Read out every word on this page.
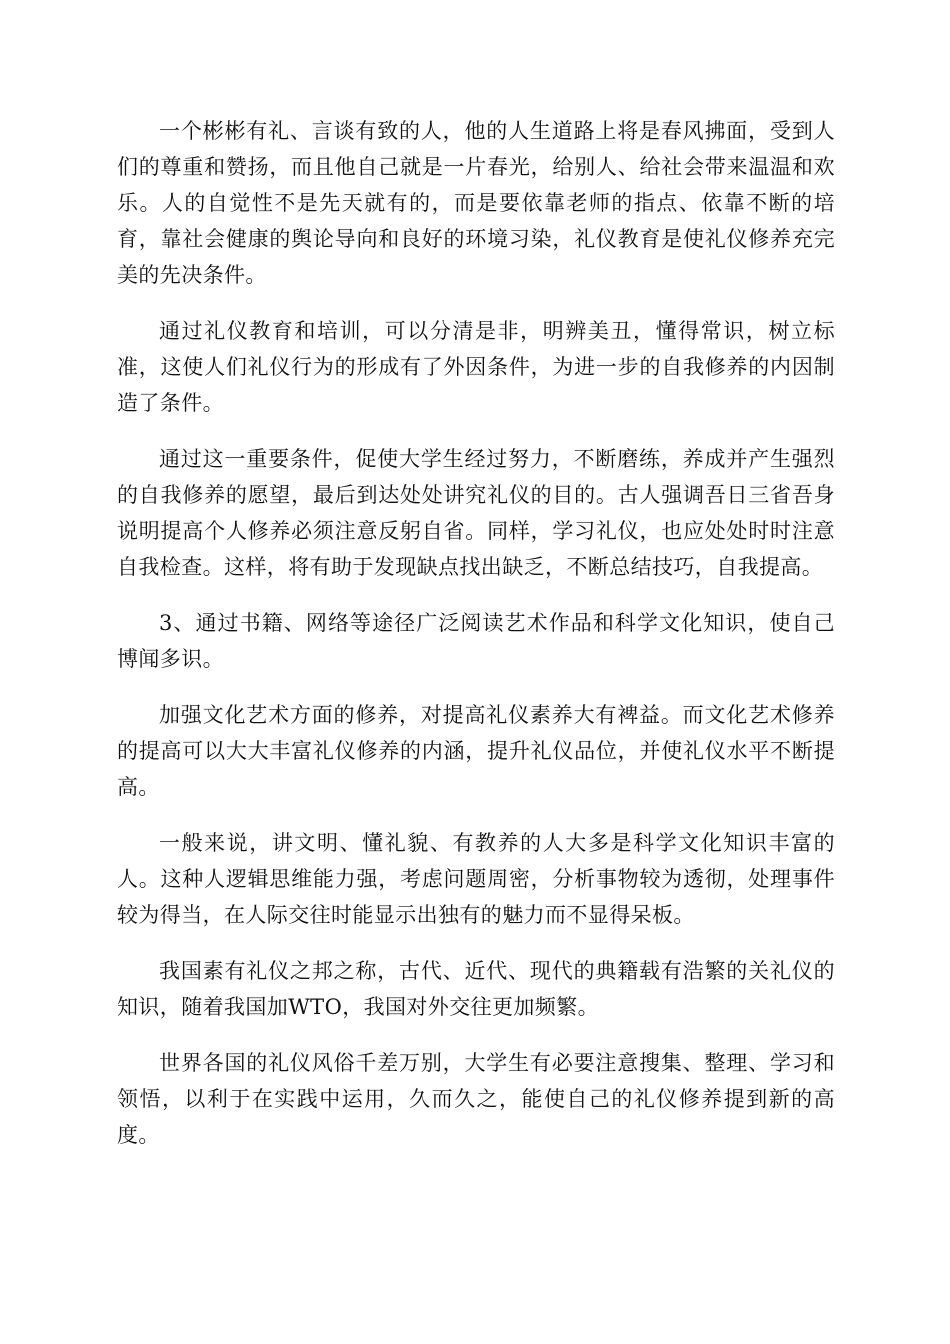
一个彬彬有礼、言谈有致的人，他的人生道路上将是春风拂面，受到人们的尊重和赞扬，而且他自己就是一片春光，给别人、给社会带来温温和欢乐。人的自觉性不是先天就有的，而是要依靠老师的指点、依靠不断的培育，靠社会健康的舆论导向和良好的环境习染，礼仪教育是使礼仪修养充完美的先决条件。

通过礼仪教育和培训，可以分清是非，明辨美丑，懂得常识，树立标准，这使人们礼仪行为的形成有了外因条件，为进一步的自我修养的内因制造了条件。

通过这一重要条件，促使大学生经过努力，不断磨练，养成并产生强烈的自我修养的愿望，最后到达处处讲究礼仪的目的。古人强调吾日三省吾身说明提高个人修养必须注意反躬自省。同样，学习礼仪，也应处处时时注意自我检查。这样，将有助于发现缺点找出缺乏，不断总结技巧，自我提高。

3、通过书籍、网络等途径广泛阅读艺术作品和科学文化知识，使自己博闻多识。

加强文化艺术方面的修养，对提高礼仪素养大有裨益。而文化艺术修养的提高可以大大丰富礼仪修养的内涵，提升礼仪品位，并使礼仪水平不断提高。

一般来说，讲文明、懂礼貌、有教养的人大多是科学文化知识丰富的人。这种人逻辑思维能力强，考虑问题周密，分析事物较为透彻，处理事件较为得当，在人际交往时能显示出独有的魅力而不显得呆板。

我国素有礼仪之邦之称，古代、近代、现代的典籍载有浩繁的关礼仪的知识，随着我国加WTO，我国对外交往更加频繁。

世界各国的礼仪风俗千差万别，大学生有必要注意搜集、整理、学习和领悟，以利于在实践中运用，久而久之，能使自己的礼仪修养提到新的高度。
